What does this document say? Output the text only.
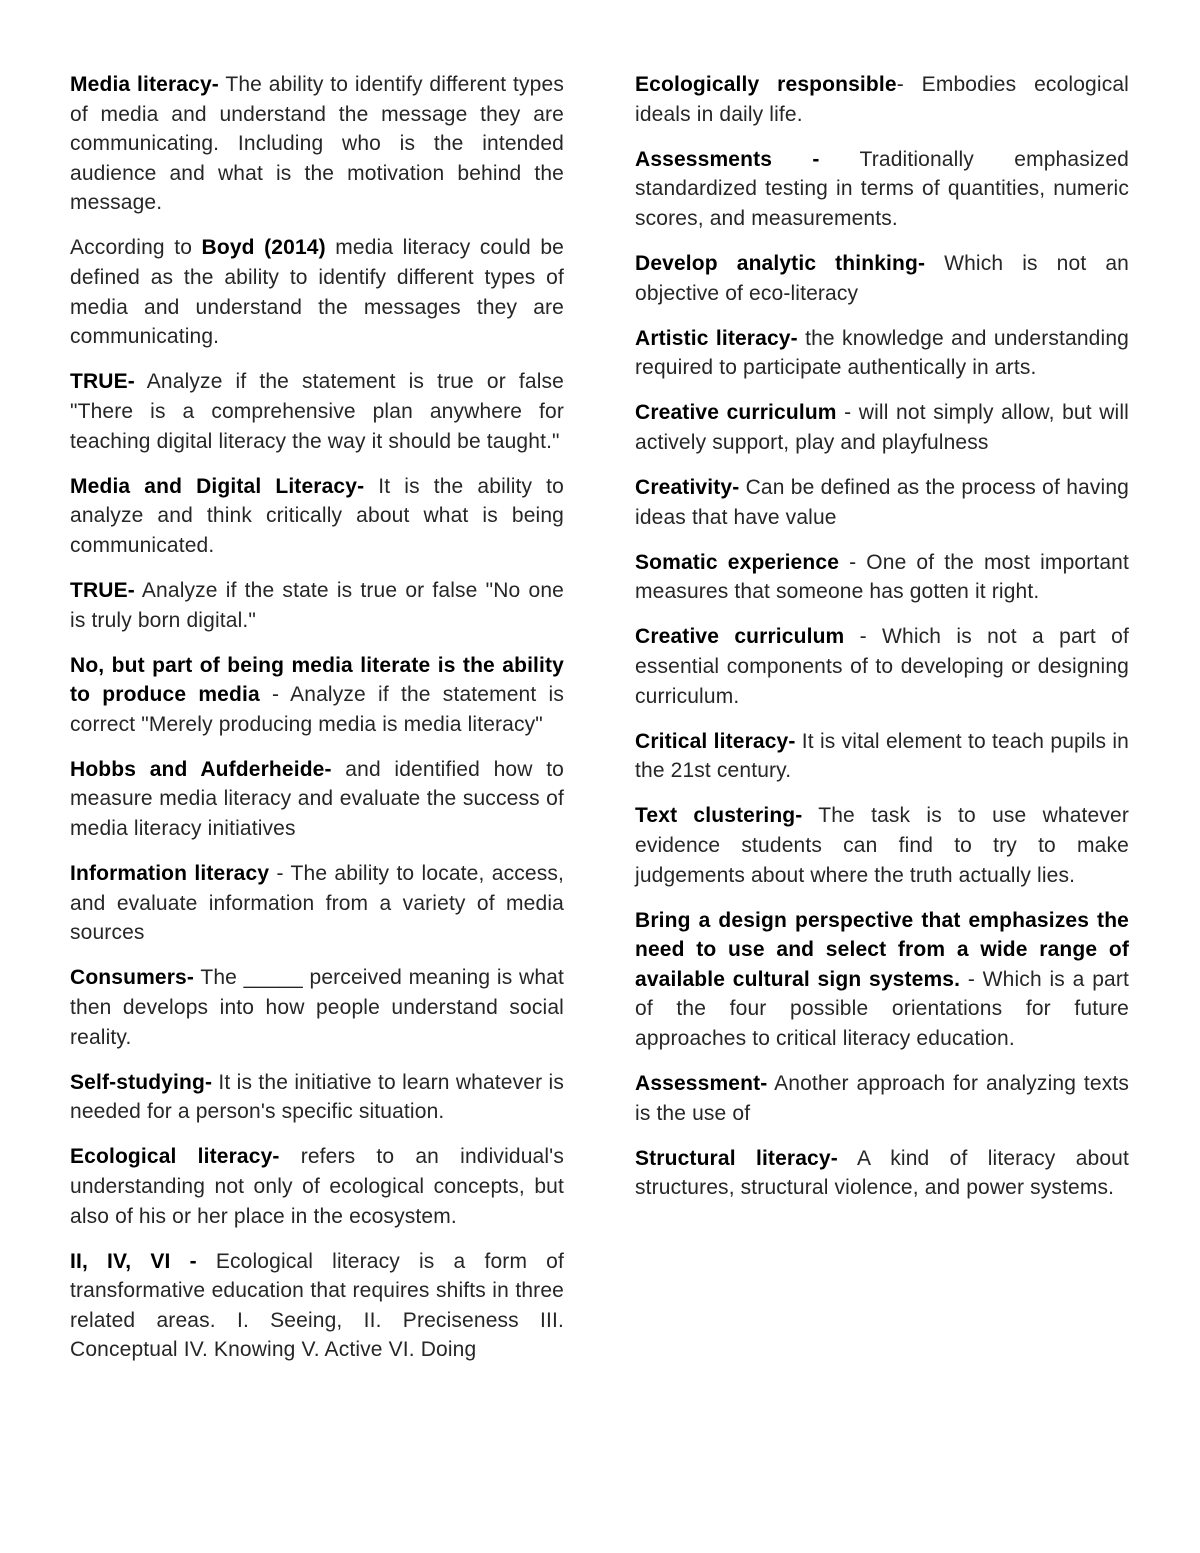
Media literacy- The ability to identify different types of media and understand the message they are communicating. Including who is the intended audience and what is the motivation behind the message.

According to Boyd (2014) media literacy could be defined as the ability to identify different types of media and understand the messages they are communicating.

TRUE- Analyze if the statement is true or false "There is a comprehensive plan anywhere for teaching digital literacy the way it should be taught."

Media and Digital Literacy- It is the ability to analyze and think critically about what is being communicated.

TRUE- Analyze if the state is true or false "No one is truly born digital."

No, but part of being media literate is the ability to produce media - Analyze if the statement is correct "Merely producing media is media literacy"

Hobbs and Aufderheide- and identified how to measure media literacy and evaluate the success of media literacy initiatives

Information literacy - The ability to locate, access, and evaluate information from a variety of media sources

Consumers- The _____ perceived meaning is what then develops into how people understand social reality.

Self-studying- It is the initiative to learn whatever is needed for a person's specific situation.

Ecological literacy- refers to an individual's understanding not only of ecological concepts, but also of his or her place in the ecosystem.

II, IV, VI - Ecological literacy is a form of transformative education that requires shifts in three related areas. I. Seeing, II. Preciseness III. Conceptual IV. Knowing V. Active VI. Doing

Ecologically responsible- Embodies ecological ideals in daily life.

Assessments - Traditionally emphasized standardized testing in terms of quantities, numeric scores, and measurements.

Develop analytic thinking- Which is not an objective of eco-literacy

Artistic literacy- the knowledge and understanding required to participate authentically in arts.

Creative curriculum - will not simply allow, but will actively support, play and playfulness

Creativity- Can be defined as the process of having ideas that have value

Somatic experience - One of the most important measures that someone has gotten it right.

Creative curriculum - Which is not a part of essential components of to developing or designing curriculum.

Critical literacy- It is vital element to teach pupils in the 21st century.

Text clustering- The task is to use whatever evidence students can find to try to make judgements about where the truth actually lies.

Bring a design perspective that emphasizes the need to use and select from a wide range of available cultural sign systems. - Which is a part of the four possible orientations for future approaches to critical literacy education.

Assessment- Another approach for analyzing texts is the use of

Structural literacy- A kind of literacy about structures, structural violence, and power systems.
